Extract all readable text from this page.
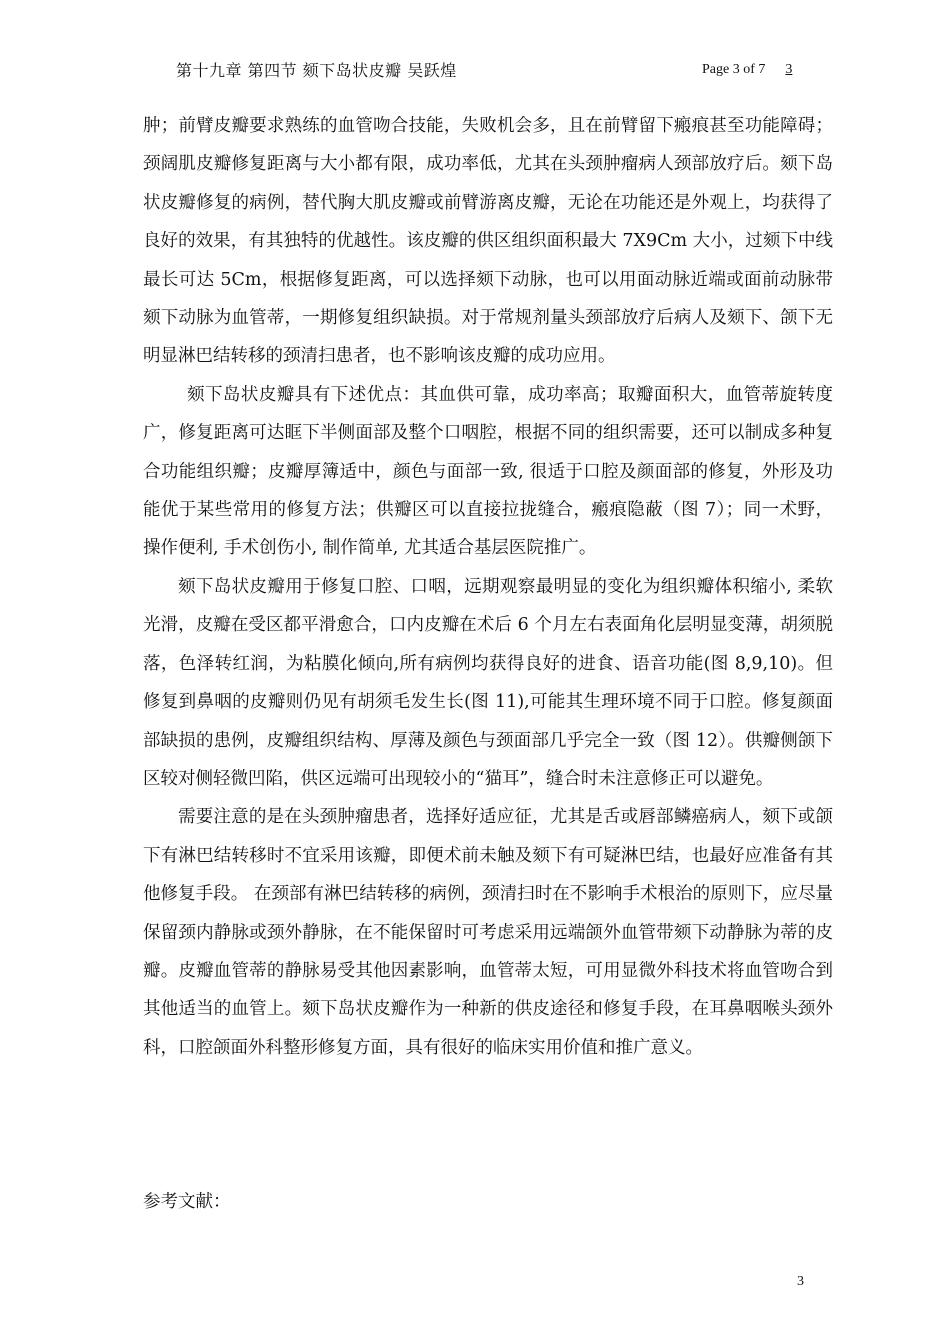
第十九章 第四节 颏下岛状皮瓣 吴跃煌	Page 3 of 7 3

肿；前臂皮瓣要求熟练的血管吻合技能，失败机会多，且在前臂留下瘢痕甚至功能障碍；颈阔肌皮瓣修复距离与大小都有限，成功率低，尤其在头颈肿瘤病人颈部放疗后。颏下岛状皮瓣修复的病例，替代胸大肌皮瓣或前臂游离皮瓣，无论在功能还是外观上，均获得了良好的效果，有其独特的优越性。该皮瓣的供区组织面积最大 7X9Cm 大小，过颏下中线最长可达 5Cm，根据修复距离，可以选择颏下动脉，也可以用面动脉近端或面前动脉带颏下动脉为血管蒂，一期修复组织缺损。对于常规剂量头颈部放疗后病人及颏下、颌下无明显淋巴结转移的颈清扫患者，也不影响该皮瓣的成功应用。

颏下岛状皮瓣具有下述优点：其血供可靠，成功率高；取瓣面积大，血管蒂旋转度广，修复距离可达眶下半侧面部及整个口咽腔，根据不同的组织需要，还可以制成多种复合功能组织瓣；皮瓣厚簿适中，颜色与面部一致, 很适于口腔及颜面部的修复，外形及功能优于某些常用的修复方法；供瓣区可以直接拉拢缝合，瘢痕隐蔽（图 7）；同一术野，操作便利, 手术创伤小, 制作简单, 尤其适合基层医院推广。

颏下岛状皮瓣用于修复口腔、口咽，远期观察最明显的变化为组织瓣体积缩小, 柔软光滑，皮瓣在受区都平滑愈合，口内皮瓣在术后 6 个月左右表面角化层明显变薄，胡须脱落，色泽转红润，为粘膜化倾向,所有病例均获得良好的进食、语音功能(图 8,9,10)。但修复到鼻咽的皮瓣则仍见有胡须毛发生长(图 11),可能其生理环境不同于口腔。修复颜面部缺损的患例，皮瓣组织结构、厚薄及颜色与颈面部几乎完全一致（图 12）。供瓣侧颌下区较对侧轻微凹陷，供区远端可出现较小的“猫耳”，缝合时未注意修正可以避免。

需要注意的是在头颈肿瘤患者，选择好适应征，尤其是舌或唇部鳞癌病人，颏下或颌下有淋巴结转移时不宜采用该瓣，即便术前未触及颏下有可疑淋巴结，也最好应准备有其他修复手段。 在颈部有淋巴结转移的病例，颈清扫时在不影响手术根治的原则下，应尽量保留颈内静脉或颈外静脉，在不能保留时可考虑采用远端颌外血管带颏下动静脉为蒂的皮瓣。皮瓣血管蒂的静脉易受其他因素影响，血管蒂太短，可用显微外科技术将血管吻合到其他适当的血管上。颏下岛状皮瓣作为一种新的供皮途径和修复手段，在耳鼻咽喉头颈外科，口腔颌面外科整形修复方面，具有很好的临床实用价值和推广意义。

参考文献：
3
